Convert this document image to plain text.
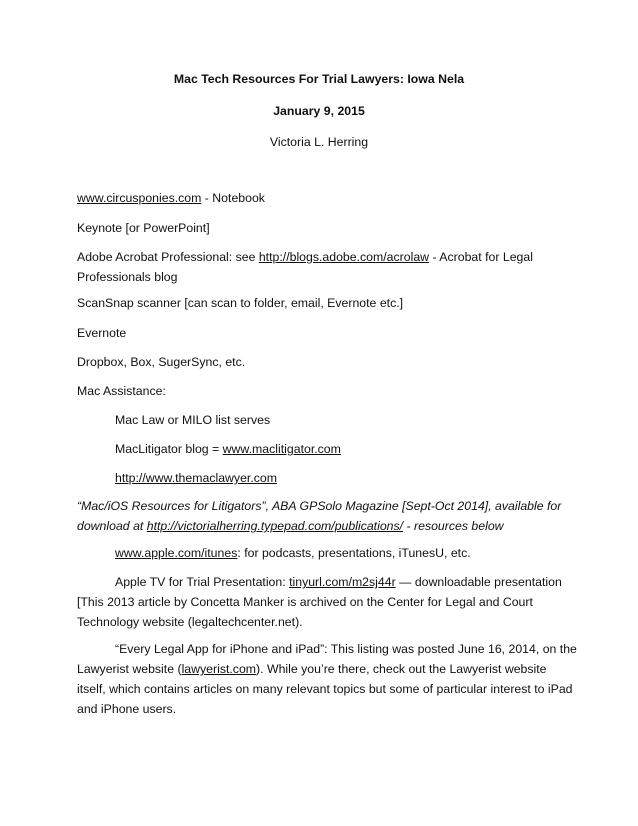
Mac Tech Resources For Trial Lawyers: Iowa Nela
January 9, 2015
Victoria L. Herring
www.circusponies.com - Notebook
Keynote [or PowerPoint]
Adobe Acrobat Professional: see http://blogs.adobe.com/acrolaw - Acrobat for Legal Professionals blog
ScanSnap scanner [can scan to folder, email, Evernote etc.]
Evernote
Dropbox, Box, SugerSync, etc.
Mac Assistance:
Mac Law or MILO list serves
MacLitigator blog = www.maclitigator.com
http://www.themaclawyer.com
“Mac/iOS Resources for Litigators”, ABA GPSolo Magazine [Sept-Oct 2014], available for download at http://victorialherring.typepad.com/publications/ - resources below
www.apple.com/itunes: for podcasts, presentations, iTunesU, etc.
Apple TV for Trial Presentation: tinyurl.com/m2sj44r — downloadable presentation [This 2013 article by Concetta Manker is archived on the Center for Legal and Court Technology website (legaltechcenter.net).
“Every Legal App for iPhone and iPad”: This listing was posted June 16, 2014, on the Lawyerist website (lawyerist.com). While you’re there, check out the Lawyerist website itself, which contains articles on many relevant topics but some of particular interest to iPad and iPhone users.
